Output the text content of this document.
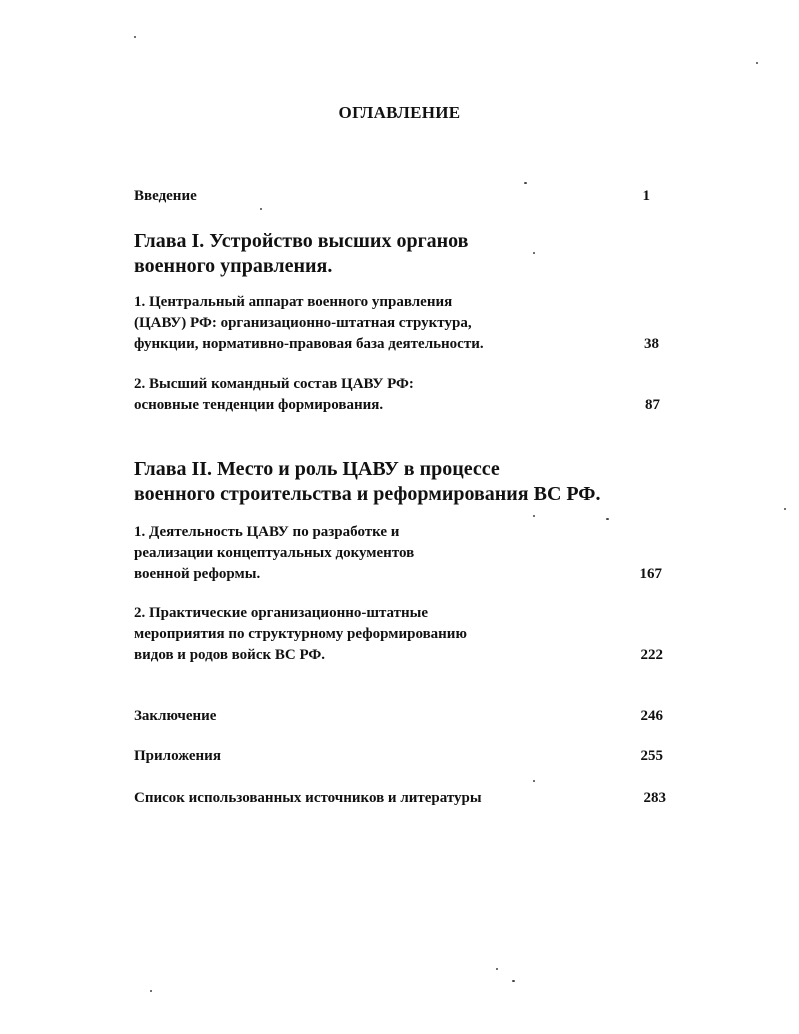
ОГЛАВЛЕНИЕ
Введение	1
Глава I. Устройство высших органов
военного управления.
1. Центральный аппарат военного управления
(ЦАВУ) РФ: организационно-штатная структура,
функции, нормативно-правовая база деятельности.	38
2. Высший командный состав ЦАВУ РФ:
основные тенденции формирования.	87
Глава II. Место и роль ЦАВУ в процессе
военного строительства и реформирования ВС РФ.
1. Деятельность ЦАВУ по разработке и
реализации концептуальных документов
военной реформы.	167
2. Практические организационно-штатные
мероприятия по структурному реформированию
видов и родов войск ВС РФ.	222
Заключение	246
Приложения	255
Список использованных источников и литературы	283
